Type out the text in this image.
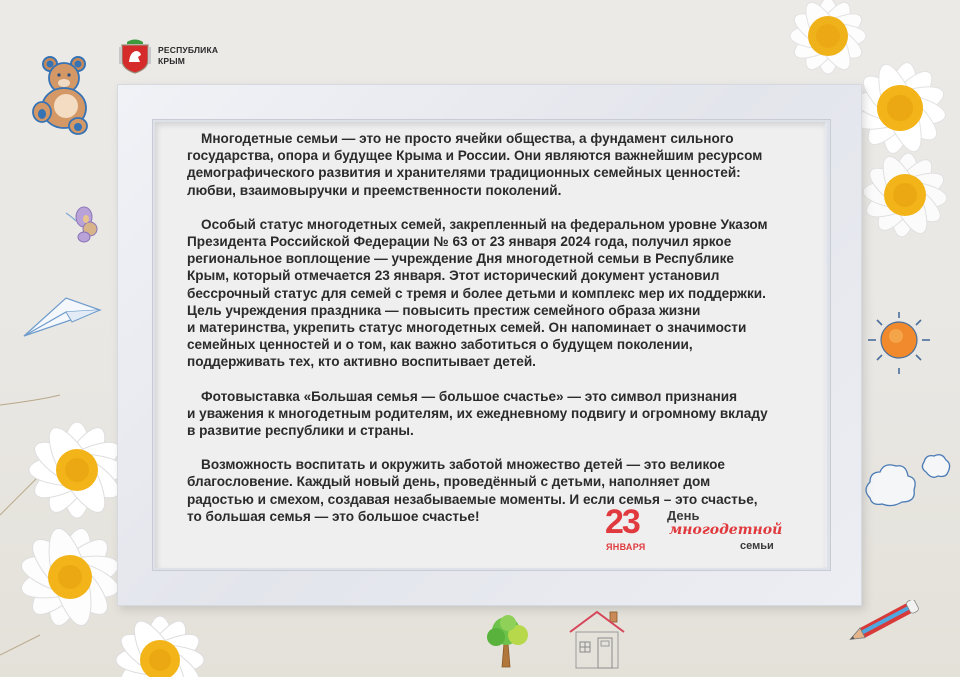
РЕСПУБЛИКА
КРЫМ

Многодетные семьи — это не просто ячейки общества, а фундамент сильного
государства, опора и будущее Крыма и России. Они являются важнейшим ресурсом
демографического развития и хранителями традиционных семейных ценностей:
любви, взаимовыручки и преемственности поколений.

Особый статус многодетных семей, закрепленный на федеральном уровне Указом
Президента Российской Федерации № 63 от 23 января 2024 года, получил яркое
региональное воплощение — учреждение Дня многодетной семьи в Республике
Крым, который отмечается 23 января. Этот исторический документ установил
бессрочный статус для семей с тремя и более детьми и комплекс мер их поддержки.
Цель учреждения праздника — повысить престиж семейного образа жизни
и материнства, укрепить статус многодетных семей. Он напоминает о значимости
семейных ценностей и о том, как важно заботиться о будущем поколении,
поддерживать тех, кто активно воспитывает детей.

Фотовыставка «Большая семья — большое счастье» — это символ признания
и уважения к многодетным родителям, их ежедневному подвигу и огромному вкладу
в развитие республики и страны.

Возможность воспитать и окружить заботой множество детей — это великое
благословение. Каждый новый день, проведённый с детьми, наполняет дом
радостью и смехом, создавая незабываемые моменты. И если семья – это счастье,
то большая семья — это большое счастье!	23
ЯНВАРЯ
День
многодетной
семьи
